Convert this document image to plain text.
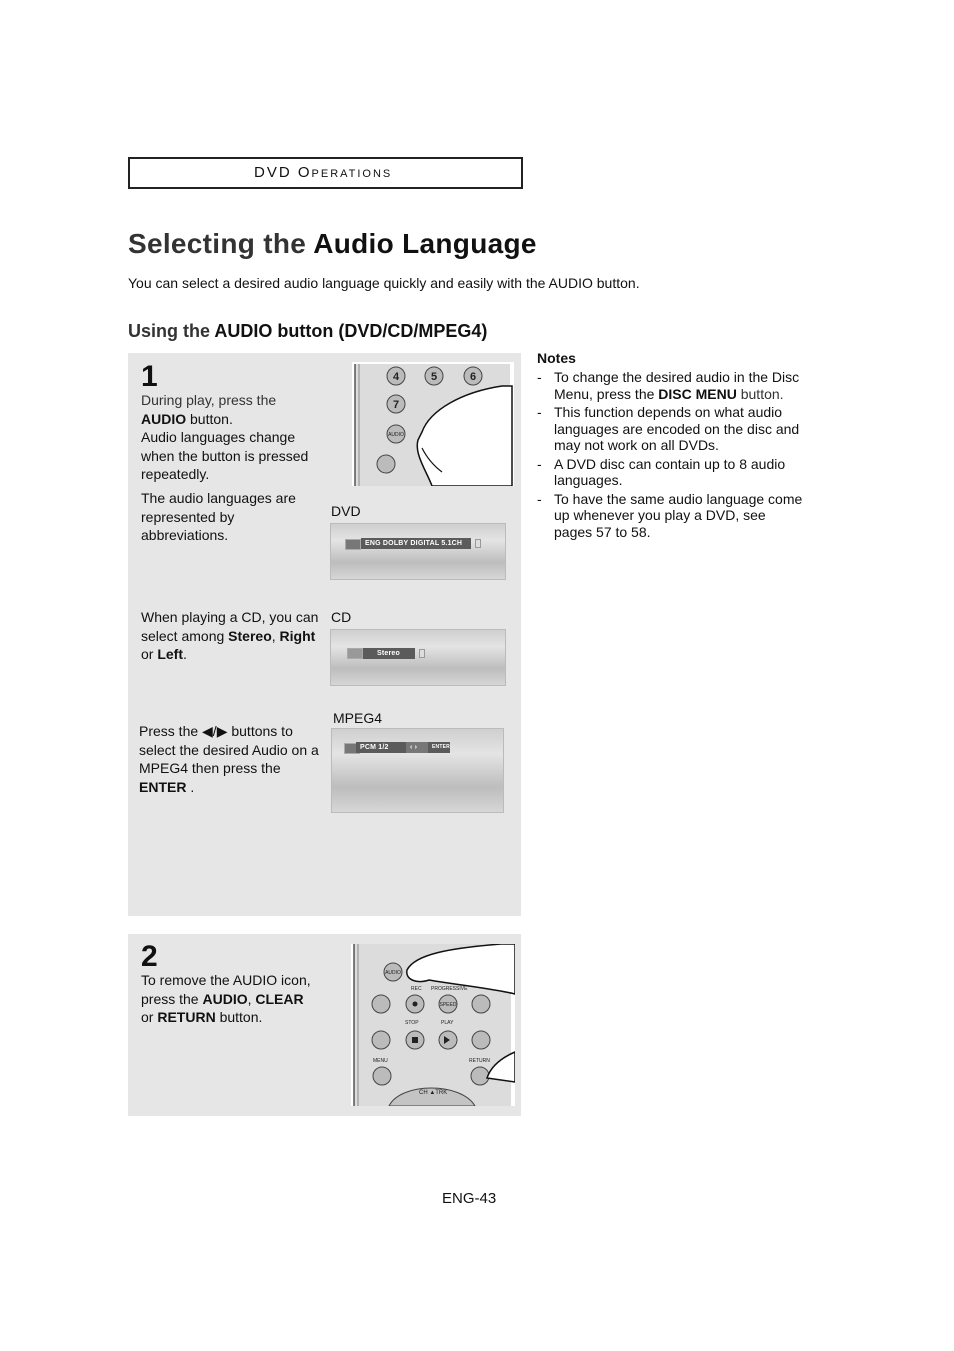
DVD OPERATIONS
Selecting the Audio Language
You can select a desired audio language quickly and easily with the AUDIO button.
Using the AUDIO button (DVD/CD/MPEG4)
1
During play, press the AUDIO button.
Audio languages change when the button is pressed repeatedly.
The audio languages are represented by abbreviations.
When playing a CD, you can select among Stereo, Right or Left.
Press the ◀/▶ buttons to select the desired Audio on a MPEG4 then press the ENTER .
4	5	6
7
AUDIO
DVD
ENG DOLBY DIGITAL 5.1CH
CD
Stereo
MPEG4
PCM 1/2	‹ ›	ENTER
2
To remove the AUDIO icon, press the AUDIO, CLEAR
or RETURN button.
AUDIO
REC PROGRESSIVE
SPEED
STOP	PLAY
MENU	RETURN
CH ▲TRK
Notes
- To change the desired audio in the Disc Menu, press the DISC MENU button.
- This function depends on what audio languages are encoded on the disc and may not work on all DVDs.
- A DVD disc can contain up to 8 audio languages.
- To have the same audio language come up whenever you play a DVD, see pages 57 to 58.
ENG-43
